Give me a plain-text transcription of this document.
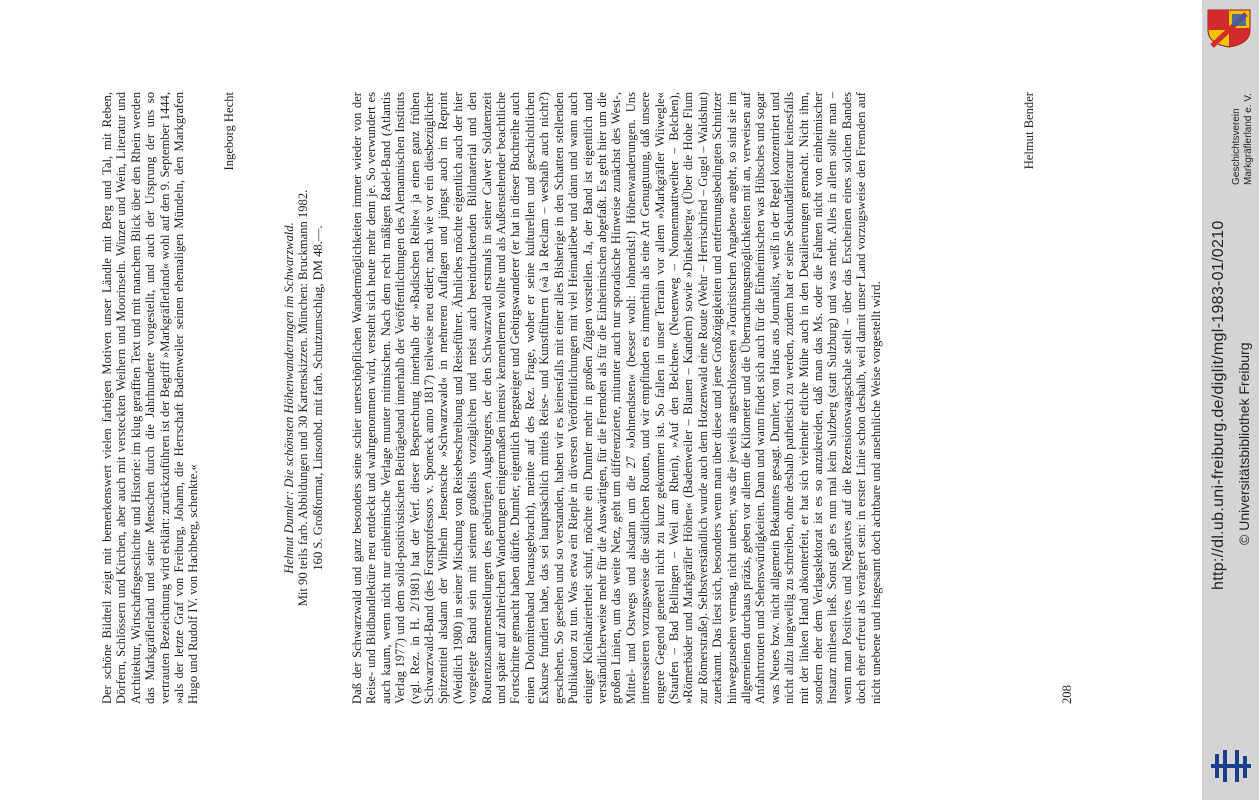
Der schöne Bildteil zeigt mit bemerkenswert vielen farbigen Motiven unser Ländle mit Berg und Tal, mit Reben, Dörfern, Schlössern und Kirchen, aber auch mit versteckten Weihern und Moorinseln. Winzer und Wein, Literatur und Architektur, Wirtschaftsgeschichte und Historie: im klug gerafften Text und mit manchem Blick über den Rhein werden das Markgräflerland und seine Menschen durch die Jahrhunderte vorgestellt, und auch der Ursprung der uns so vertrauten Bezeichnung wird erklärt: zurückzuführen ist der Begriff »Markgräflerland« wohl auf den 9. September 1444, »als der letzte Graf von Freiburg, Johann, die Herrschaft Badenweiler seinen ehemaligen Mündeln, den Markgrafen Hugo und Rudolf IV. von Hachberg, schenkte.«

Ingeborg Hecht
Helmut Dumler: Die schönsten Höhenwanderungen im Schwarzwald. Mit 90 teils farb. Abbildungen und 30 Kartenskizzen. München: Bruckmann 1982. 160 S. Großformat, Linsonbd. mit farb. Schutzumschlag, DM 48.—. Daß der Schwarzwald und ganz besonders seine schier unerschöpflichen Wandermöglichkeiten immer wieder von der Reise- und Bildbandlektüre neu entdeckt und wahrgenommen wird, versteht sich heute mehr denn je. So verwundert es auch kaum, wenn nicht nur einheimische Verlage munter mitmischen. Nach dem recht mäßigen Radel-Band (Atlantis Verlag 1977) und dem solid-positivistischen Beiträgeband innerhalb der Veröffentlichungen des Alemannischen Instituts (vgl. Rez. in H. 2/1981) hat der Verf. dieser Besprechung innerhalb der »Badischen Reihe« ja einen ganz frühen Schwarzwald-Band (des Forstprofessors v. Sponeck anno 1817) teilweise neu ediert; nach wie vor ein diesbezüglicher Spitzentitel alsdann der Wilhelm Jensensche »Schwarzwald« in mehreren Auflagen und jüngst auch im Reprint (Weidlich 1980) in seiner Mischung von Reisebeschreibung und Reiseführer. Ähnliches möchte eigentlich auch der hier vorgelegte Band sein mit seinem großteils vorzüglichen und meist auch beeindruckenden Bildmaterial und den Routenzusammenstellungen des gebürtigen Augsburgers, der den Schwarzwald erstmals in seiner Calwer Soldatenzeit und später auf zahlreichen Wanderungen einigermaßen intensiv kennenlernen wollte und als Außenstehender beachtliche Fortschritte gemacht haben dürfte. Dumler, eigentlich Bergsteiger und Gebirgswanderer (er hat in dieser Buchreihe auch einen Dolomitenband herausgebracht), meinte auf des Rez. Frage, woher er seine kulturellen und geschichtlichen Exkurse fundiert habe, das sei hauptsächlich mittels Reise- und Kunstführern (»à la Reclam – weshalb auch nicht?) geschehen. So gesehen und so verstanden, haben wir es keinesfalls mit einer alles Bisherige in den Schatten stellenden Publikation zu tun. Was etwa ein Rieple in diversen Veröffentlichungen mit viel Heimatliebe und dann und wann auch einiger Kleinkariertheit schuf, möchte ein Dumler mehr in großen Zügen vorstellen. Ja, der Band ist eigentlich und verständlicherweise mehr für die Auswärtigen, für die Fremden als für die Einheimischen abgefaßt. Es geht hier um die großen Linien, um das weite Netz, geht um differenzierte, mitunter auch nur sporadische Hinweise zunächst des West-, Mittel- und Ostwegs und alsdann um die 27 »Johnendsten« (besser wohl: lohnendst!) Höhenwanderungen. Uns interessieren vorzugsweise die südlichen Routen, und wir empfinden es immerhin als eine Art Genugtuung, daß unsere engere Gegend generell nicht zu kurz gekommen ist. So fallen in unser Terrain vor allem »Markgräfler Wiiwegle« (Staufen – Bad Bellingen – Weil am Rhein), »Auf den Belchen« (Neuenweg – Nonnenmattweiher – Belchen), »Römerbäder und Markgräfler Höhen« (Badenweiler – Blauen – Kandern) sowie »Dinkelberg« (Über die Hohe Flum zur Römerstraße). Selbstverständlich wurde auch dem Hotzenwald eine Route (Wehr – Herrischried – Gugel – Waldshut) zuerkannt. Das liest sich, besonders wenn man über diese und jene Großzügigkeiten und entfernungsbedingten Schnitzer hinwegzusehen vermag, nicht uneben; was die jeweils angeschlossenen »Touristischen Angaben« angeht, so sind sie im allgemeinen durchaus präzis, geben vor allem die Kilometer und die Übernachtungsmöglichkeiten mit an, verweisen auf Anfahrtrouten und Sehenswürdigkeiten. Dann und wann findet sich auch für die Einheimischen was Hübsches und sogar was Neues bzw. nicht allgemein Bekanntes gesagt. Dumler, von Haus aus Journalist, weiß in der Regel konzentriert und nicht allzu langweilig zu schreiben, ohne deshalb pathetisch zu werden, zudem hat er seine Sekundärliteratur keinesfalls mit der linken Hand abkonterfeit, er hat sich vielmehr etliche Mühe auch in den Detailierungen gemacht. Nicht ihm, sondern eher dem Verlagslektorat ist es so anzukreiden, daß man das Ms. oder die Fahnen nicht von einheimischer Instanz mitlesen ließ. Sonst gäb es nun mal kein Sulzberg (statt Sulzburg) und was mehr. Alles in allem sollte man – wenn man Positives und Negatives auf die Rezensionswaagschale stellt – über das Erscheinen eines solchen Bandes doch eher erfreut als verärgert sein: in erster Linie schon deshalb, weil damit unser Land vorzugsweise den Fremden auf nicht unebene und insgesamt doch achtbare und ansehnliche Weise vorgestellt wird.

Helmut Bender
208
http://dl.ub.uni-freiburg.de/diglit/mgl-1983-01/0210 © Universitätsbibliothek Freiburg
Geschichtsverein Markgräflerland e. V.
